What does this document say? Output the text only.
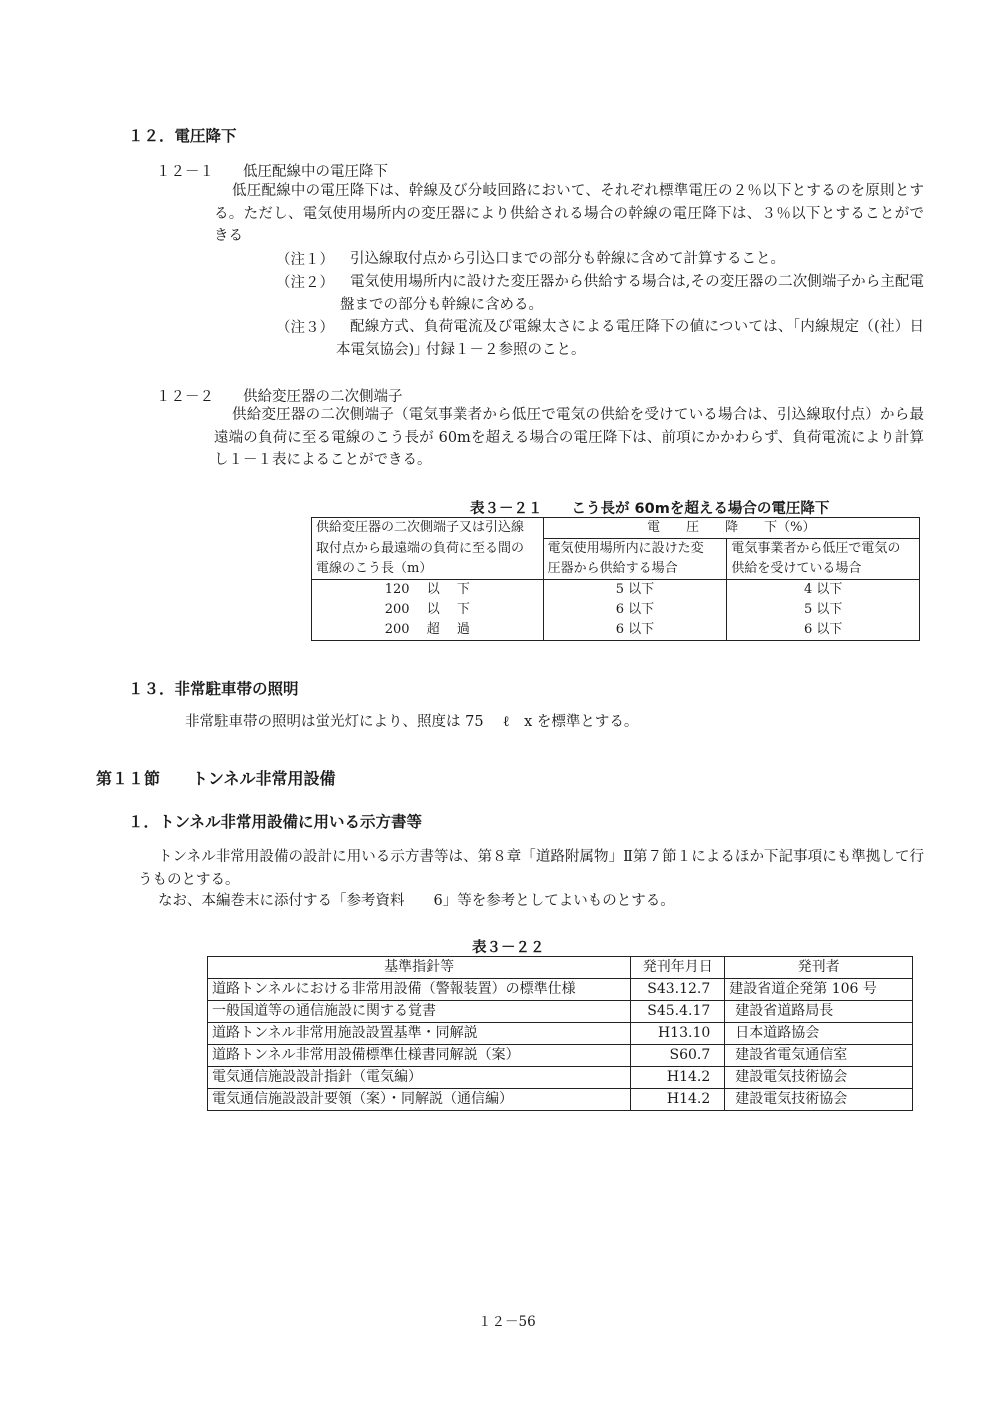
１２．電圧降下
１２－１　　低圧配線中の電圧降下
低圧配線中の電圧降下は、幹線及び分岐回路において、それぞれ標準電圧の２％以下とするのを原則とする。ただし、電気使用場所内の変圧器により供給される場合の幹線の電圧降下は、３％以下とすることができる
（注１） 引込線取付点から引込口までの部分も幹線に含めて計算すること。
（注２）	電気使用場所内に設けた変圧器から供給する場合は,その変圧器の二次側端子から主配電盤までの部分も幹線に含める。
（注３）	配線方式、負荷電流及び電線太さによる電圧降下の値については、｢内線規定（(社）日本電気協会)｣ 付録１－２参照のこと。
１２－２　　供給変圧器の二次側端子
供給変圧器の二次側端子（電気事業者から低圧で電気の供給を受けている場合は、引込線取付点）から最遠端の負荷に至る電線のこう長が 60mを超える場合の電圧降下は、前項にかかわらず、負荷電流により計算し１－１表によることができる。
表３－２１　　こう長が 60mを超える場合の電圧降下
供給変圧器の二次側端子又は引込線	電　　圧　　降　　下（%）	
取付点から最遠端の負荷に至る間の	電気使用場所内に設けた変	電気事業者から低圧で電気の
電線のこう長（m）	圧器から供給する場合	供給を受けている場合
120　 以　 下	5 以下	4 以下
200　 以　 下	6 以下	5 以下
200　 超　 過	6 以下	6 以下
１３．非常駐車帯の照明
非常駐車帯の照明は蛍光灯により、照度は 75　 ℓ　x を標準とする。
第１１節　　トンネル非常用設備
１．トンネル非常用設備に用いる示方書等
トンネル非常用設備の設計に用いる示方書等は、第８章「道路附属物」Ⅱ第７節１によるほか下記事項にも準拠して行うものとする。
なお、本編巻末に添付する「参考資料　　6」等を参考としてよいものとする。
表３－２２
基準指針等	発刊年月日	発刊者
道路トンネルにおける非常用設備（警報装置）の標準仕様	S43.12.7	建設省道企発第 106 号
一般国道等の通信施設に関する覚書	S45.4.17	建設省道路局長
道路トンネル非常用施設設置基準・同解説	H13.10	日本道路協会
道路トンネル非常用設備標準仕様書同解説（案）	S60.7	建設省電気通信室
電気通信施設設計指針（電気編）	H14.2	建設電気技術協会
電気通信施設設計要領（案）・同解説（通信編）	H14.2	建設電気技術協会
１２－56
